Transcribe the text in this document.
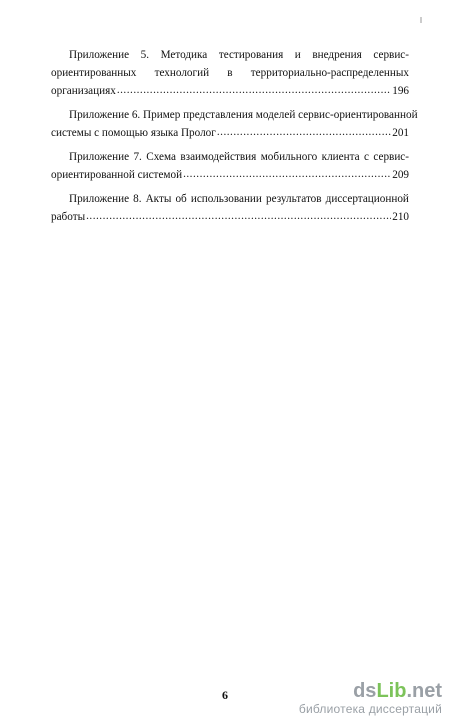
Приложение 5. Методика тестирования и внедрения сервис-
ориентированных технологий в территориально-распределенных
организациях .....	196
Приложение 6. Пример представления моделей сервис-ориентированной
системы с помощью языка Пролог .....	201
Приложение 7. Схема взаимодействия мобильного клиента с сервис-
ориентированной системой .....	209
Приложение 8. Акты об использовании результатов диссертационной
работы .....	210
6	dsLib.net
библиотека диссертаций
